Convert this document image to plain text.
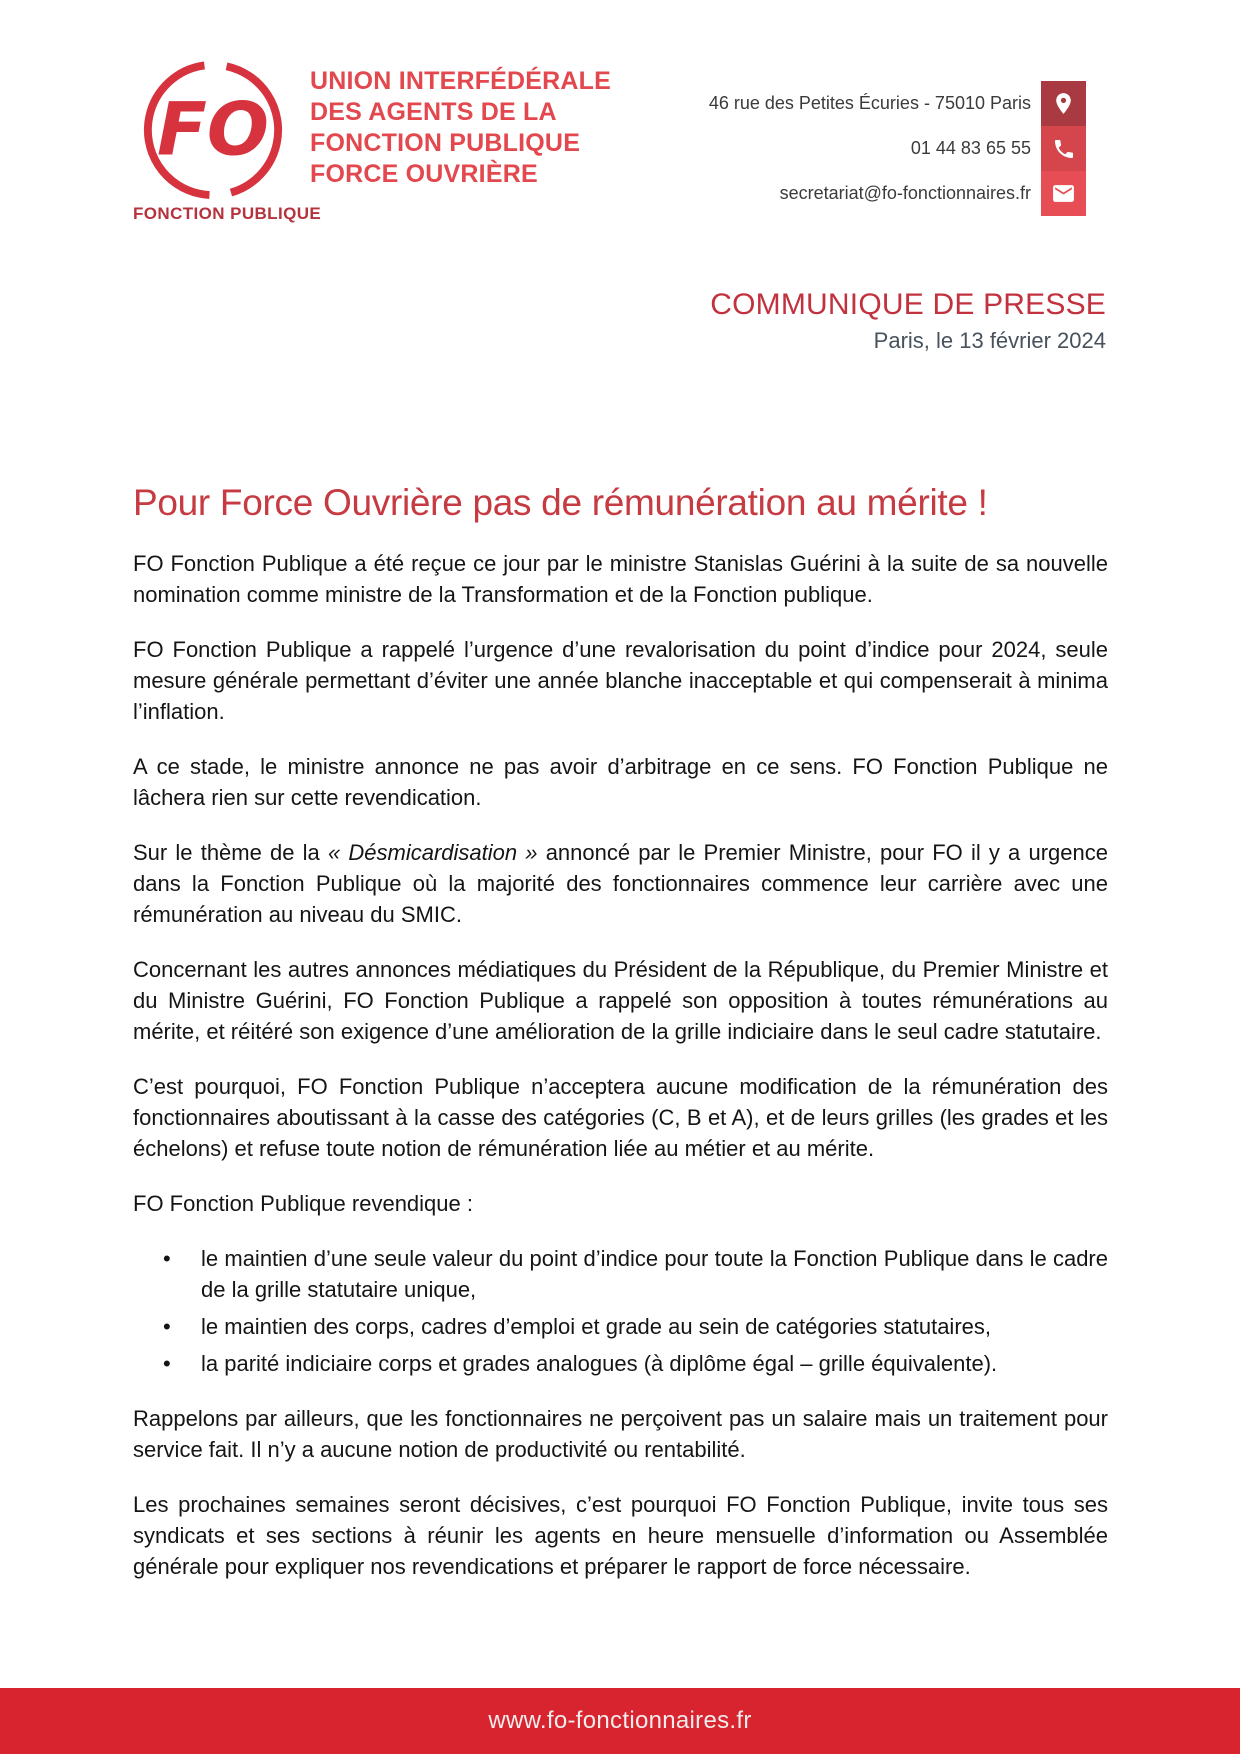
FO
FONCTION PUBLIQUE
UNION INTERFÉDÉRALE
DES AGENTS DE LA
FONCTION PUBLIQUE
FORCE OUVRIÈRE
46 rue des Petites Écuries - 75010 Paris
01 44 83 65 55
secretariat@fo-fonctionnaires.fr
COMMUNIQUE DE PRESSE
Paris, le 13 février 2024
Pour Force Ouvrière pas de rémunération au mérite !

FO Fonction Publique a été reçue ce jour par le ministre Stanislas Guérini à la suite de sa nouvelle nomination comme ministre de la Transformation et de la Fonction publique.

FO Fonction Publique a rappelé l’urgence d’une revalorisation du point d’indice pour 2024, seule mesure générale permettant d’éviter une année blanche inacceptable et qui compenserait à minima l’inflation.

A ce stade, le ministre annonce ne pas avoir d’arbitrage en ce sens. FO Fonction Publique ne lâchera rien sur cette revendication.

Sur le thème de la « Désmicardisation » annoncé par le Premier Ministre, pour FO il y a urgence dans la Fonction Publique où la majorité des fonctionnaires commence leur carrière avec une rémunération au niveau du SMIC.

Concernant les autres annonces médiatiques du Président de la République, du Premier Ministre et du Ministre Guérini, FO Fonction Publique a rappelé son opposition à toutes rémunérations au mérite, et réitéré son exigence d’une amélioration de la grille indiciaire dans le seul cadre statutaire.

C’est pourquoi, FO Fonction Publique n’acceptera aucune modification de la rémunération des fonctionnaires aboutissant à la casse des catégories (C, B et A), et de leurs grilles (les grades et les échelons) et refuse toute notion de rémunération liée au métier et au mérite.

FO Fonction Publique revendique :

• le maintien d’une seule valeur du point d’indice pour toute la Fonction Publique dans le cadre de la grille statutaire unique,
• le maintien des corps, cadres d’emploi et grade au sein de catégories statutaires,
• la parité indiciaire corps et grades analogues (à diplôme égal – grille équivalente).

Rappelons par ailleurs, que les fonctionnaires ne perçoivent pas un salaire mais un traitement pour service fait. Il n’y a aucune notion de productivité ou rentabilité.

Les prochaines semaines seront décisives, c’est pourquoi FO Fonction Publique, invite tous ses syndicats et ses sections à réunir les agents en heure mensuelle d’information ou Assemblée générale pour expliquer nos revendications et préparer le rapport de force nécessaire.

www.fo-fonctionnaires.fr
